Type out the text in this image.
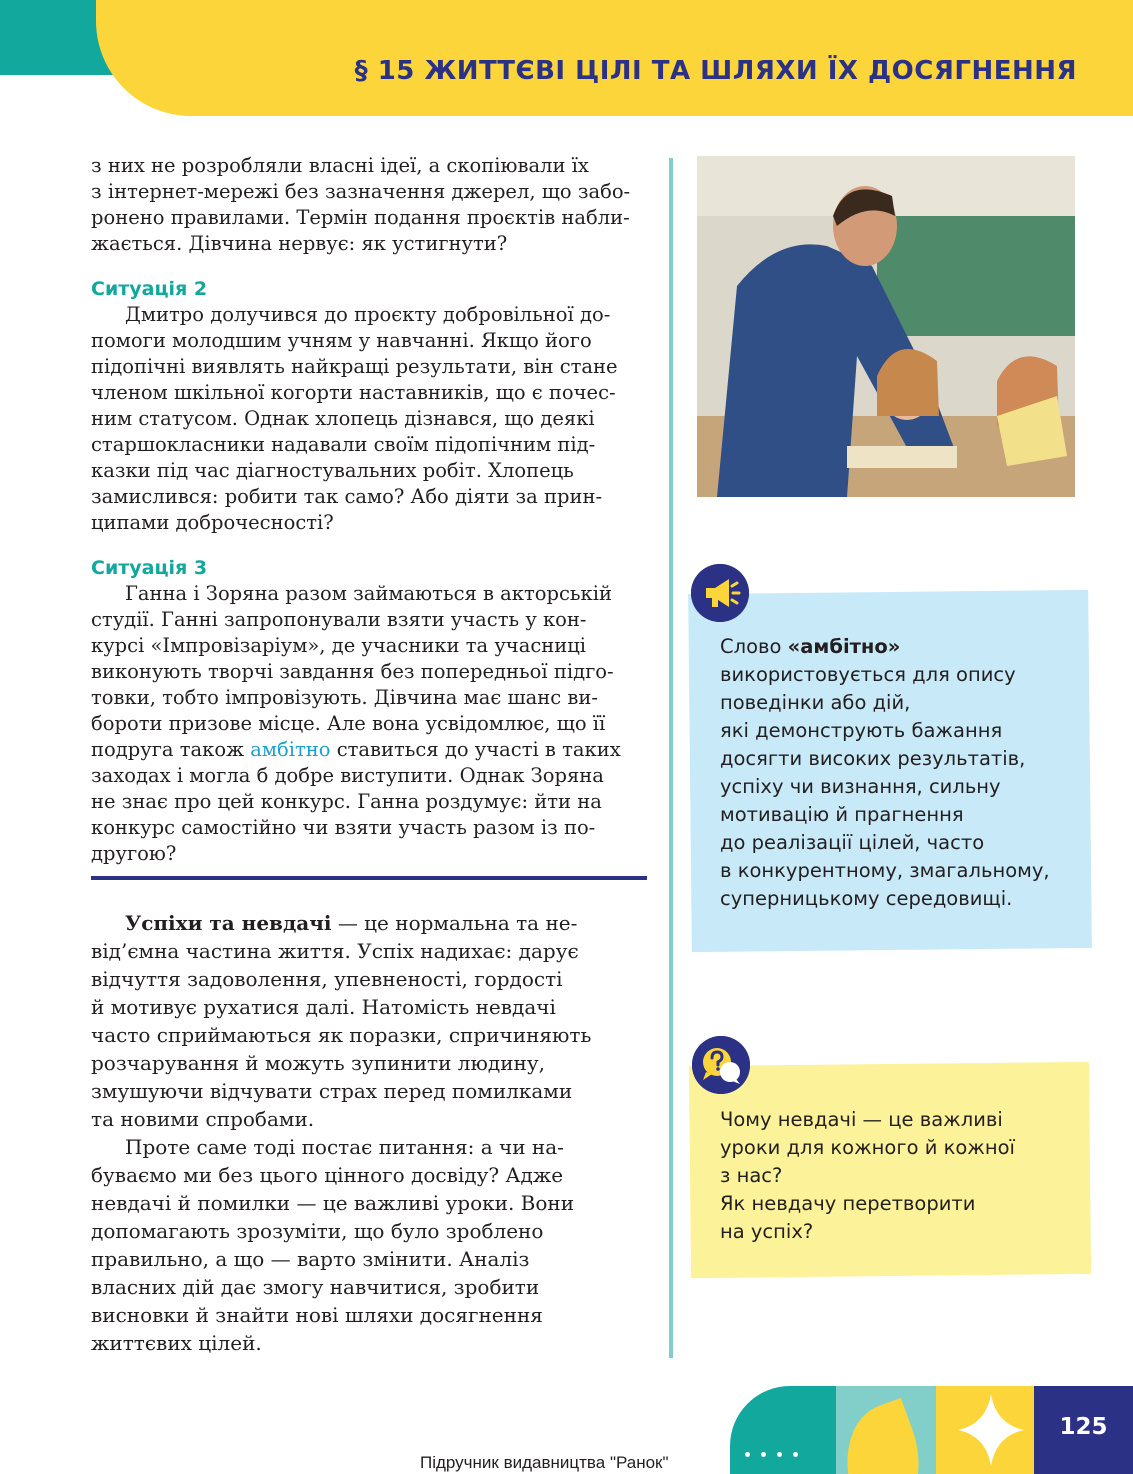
§ 15 ЖИТТЄВІ ЦІЛІ ТА ШЛЯХИ ЇХ ДОСЯГНЕННЯ

з них не розробляли власні ідеї, а скопіювали їх

з інтернет-мережі без зазначення джерел, що забо-

ронено правилами. Термін подання проєктів набли-

жається. Дівчина нервує: як устигнути?

Ситуація 2

Дмитро долучився до проєкту добровільної до-

помоги молодшим учням у навчанні. Якщо його

підопічні виявлять найкращі результати, він стане

членом шкільної когорти наставників, що є почес-

ним статусом. Однак хлопець дізнався, що деякі

старшокласники надавали своїм підопічним під-

казки під час діагностувальних робіт. Хлопець

замислився: робити так само? Або діяти за прин-

ципами доброчесності?

Ситуація 3

Ганна і Зоряна разом займаються в акторській

студії. Ганні запропонували взяти участь у кон-

курсі «Імпровізаріум», де учасники та учасниці

виконують творчі завдання без попередньої підго-

товки, тобто імпровізують. Дівчина має шанс ви-

бороти призове місце. Але вона усвідомлює, що її

подруга також амбітно ставиться до участі в таких

заходах і могла б добре виступити. Однак Зоряна

не знає про цей конкурс. Ганна роздумує: йти на

конкурс самостійно чи взяти участь разом із по-

другою?

Успіхи та невдачі — це нормальна та не-

від’ємна частина життя. Успіх надихає: дарує

відчуття задоволення, упевненості, гордості

й мотивує рухатися далі. Натомість невдачі

часто сприймаються як поразки, спричиняють

розчарування й можуть зупинити людину,

змушуючи відчувати страх перед помилками

та новими спробами.

Проте саме тоді постає питання: а чи на-

буваємо ми без цього цінного досвіду? Адже

невдачі й помилки — це важливі уроки. Вони

допомагають зрозуміти, що було зроблено

правильно, а що — варто змінити. Аналіз

власних дій дає змогу навчитися, зробити

висновки й знайти нові шляхи досягнення

життєвих цілей.

Слово «амбітно»
використовується для опису
поведінки або дій,
які демонструють бажання
досягти високих результатів,
успіху чи визнання, сильну
мотивацію й прагнення
до реалізації цілей, часто
в конкурентному, змагальному,
суперницькому середовищі.
Чому невдачі — це важливі
уроки для кожного й кожної
з нас?
Як невдачу перетворити
на успіх?
Підручник видавництва "Ранок"
125
